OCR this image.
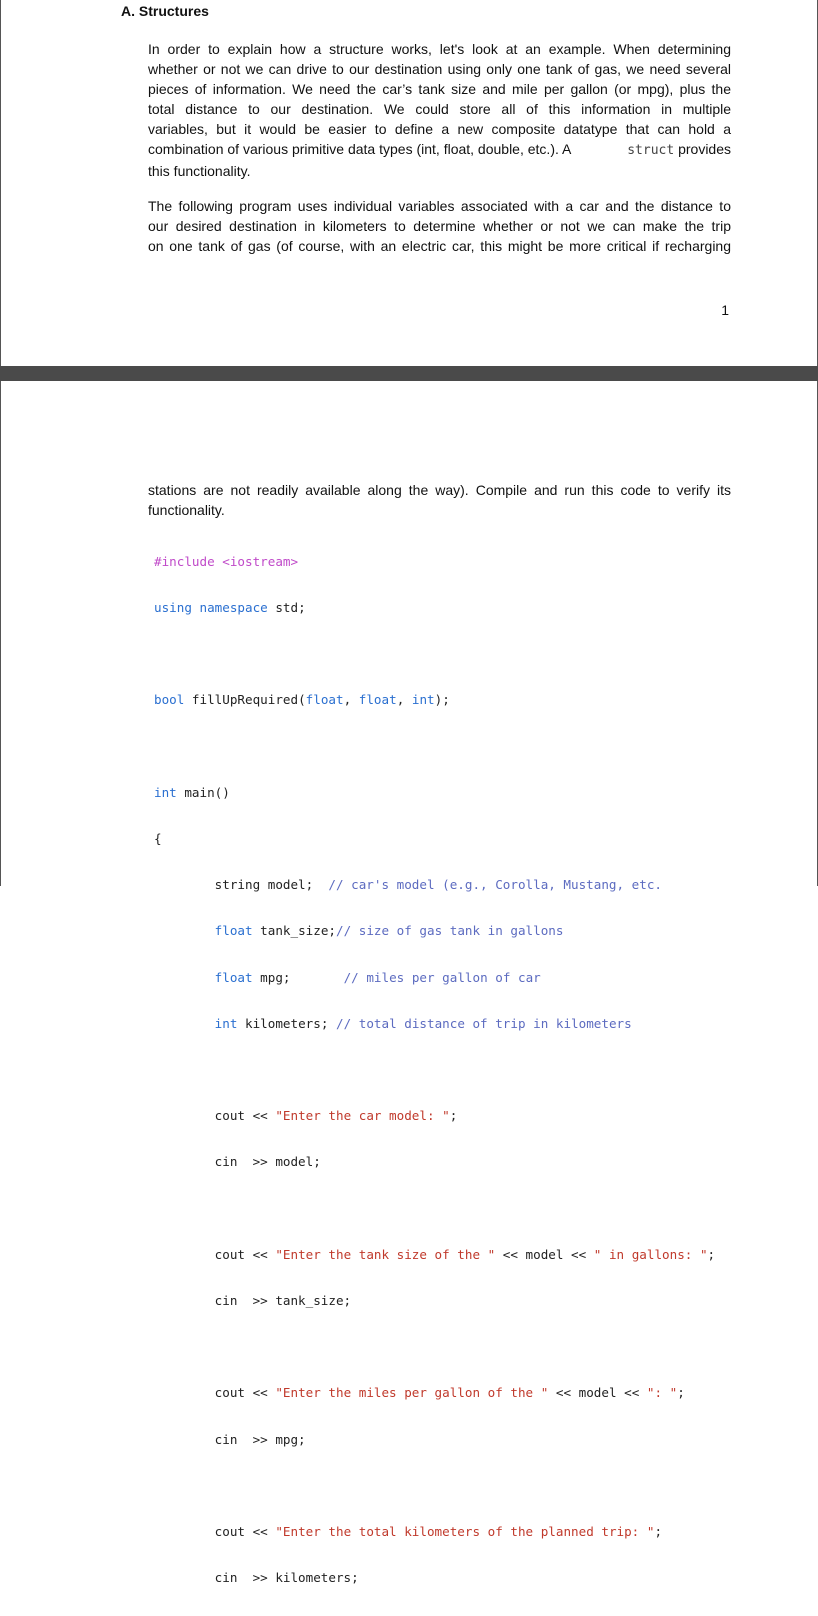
A. Structures
In order to explain how a structure works, let's look at an example. When determining
whether or not we can drive to our destination using only one tank of gas, we need several
pieces of information. We need the car’s tank size and mile per gallon (or mpg), plus the
total distance to our destination. We could store all of this information in multiple
variables, but it would be easier to define a new composite datatype that can hold a
combination of various primitive data types (int, float, double, etc.). A	struct provides
this functionality.
The following program uses individual variables associated with a car and the distance to
our desired destination in kilometers to determine whether or not we can make the trip
on one tank of gas (of course, with an electric car, this might be more critical if recharging
1
stations are not readily available along the way). Compile and run this code to verify its
functionality.

#include <iostream>

using namespace std;

bool fillUpRequired(float, float, int);

int main()

{

string model;  // car's model (e.g., Corolla, Mustang, etc.

float tank_size;// size of gas tank in gallons

float mpg;       // miles per gallon of car

int kilometers; // total distance of trip in kilometers

cout << "Enter the car model: ";

cin  >> model;

cout << "Enter the tank size of the " << model << " in gallons: ";

cin  >> tank_size;

cout << "Enter the miles per gallon of the " << model << ": ";

cin  >> mpg;

cout << "Enter the total kilometers of the planned trip: ";

cin  >> kilometers;
